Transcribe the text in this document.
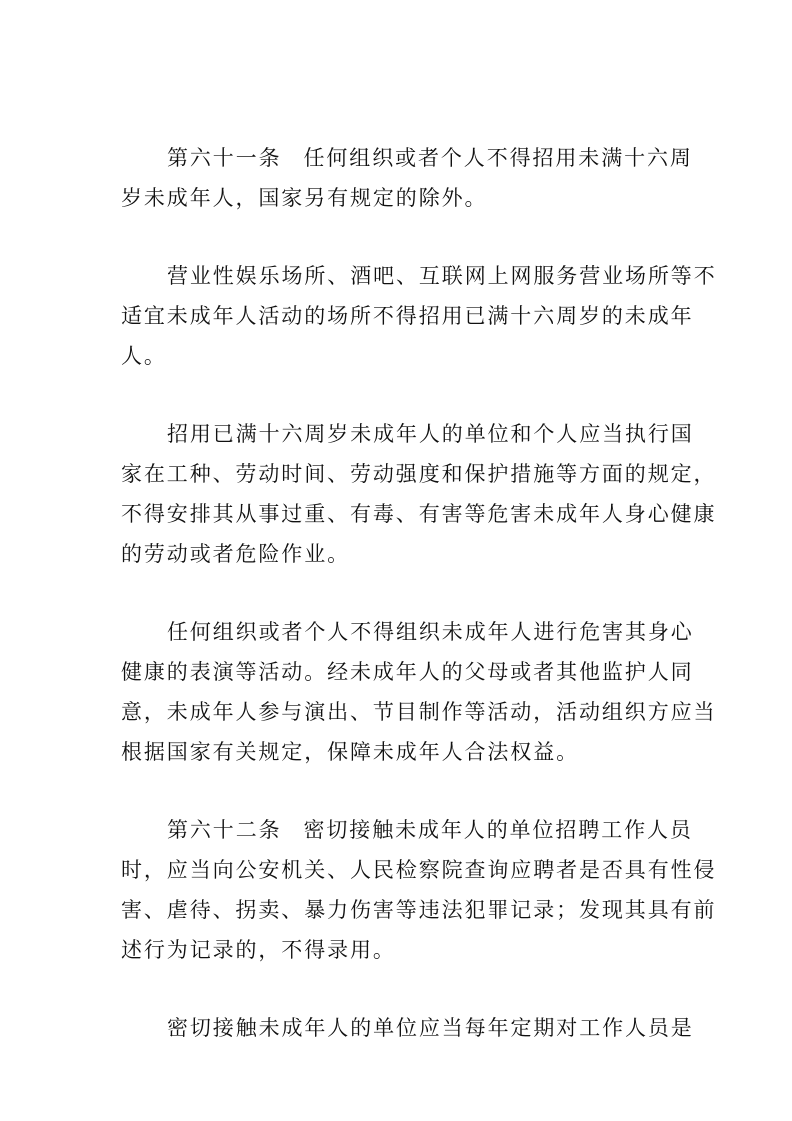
第六十一条 任何组织或者个人不得招用未满十六周
岁未成年人，国家另有规定的除外。

营业性娱乐场所、酒吧、互联网上网服务营业场所等不
适宜未成年人活动的场所不得招用已满十六周岁的未成年
人。

招用已满十六周岁未成年人的单位和个人应当执行国
家在工种、劳动时间、劳动强度和保护措施等方面的规定，
不得安排其从事过重、有毒、有害等危害未成年人身心健康
的劳动或者危险作业。

任何组织或者个人不得组织未成年人进行危害其身心
健康的表演等活动。经未成年人的父母或者其他监护人同
意，未成年人参与演出、节目制作等活动，活动组织方应当
根据国家有关规定，保障未成年人合法权益。

第六十二条 密切接触未成年人的单位招聘工作人员
时，应当向公安机关、人民检察院查询应聘者是否具有性侵
害、虐待、拐卖、暴力伤害等违法犯罪记录；发现其具有前
述行为记录的，不得录用。

密切接触未成年人的单位应当每年定期对工作人员是
